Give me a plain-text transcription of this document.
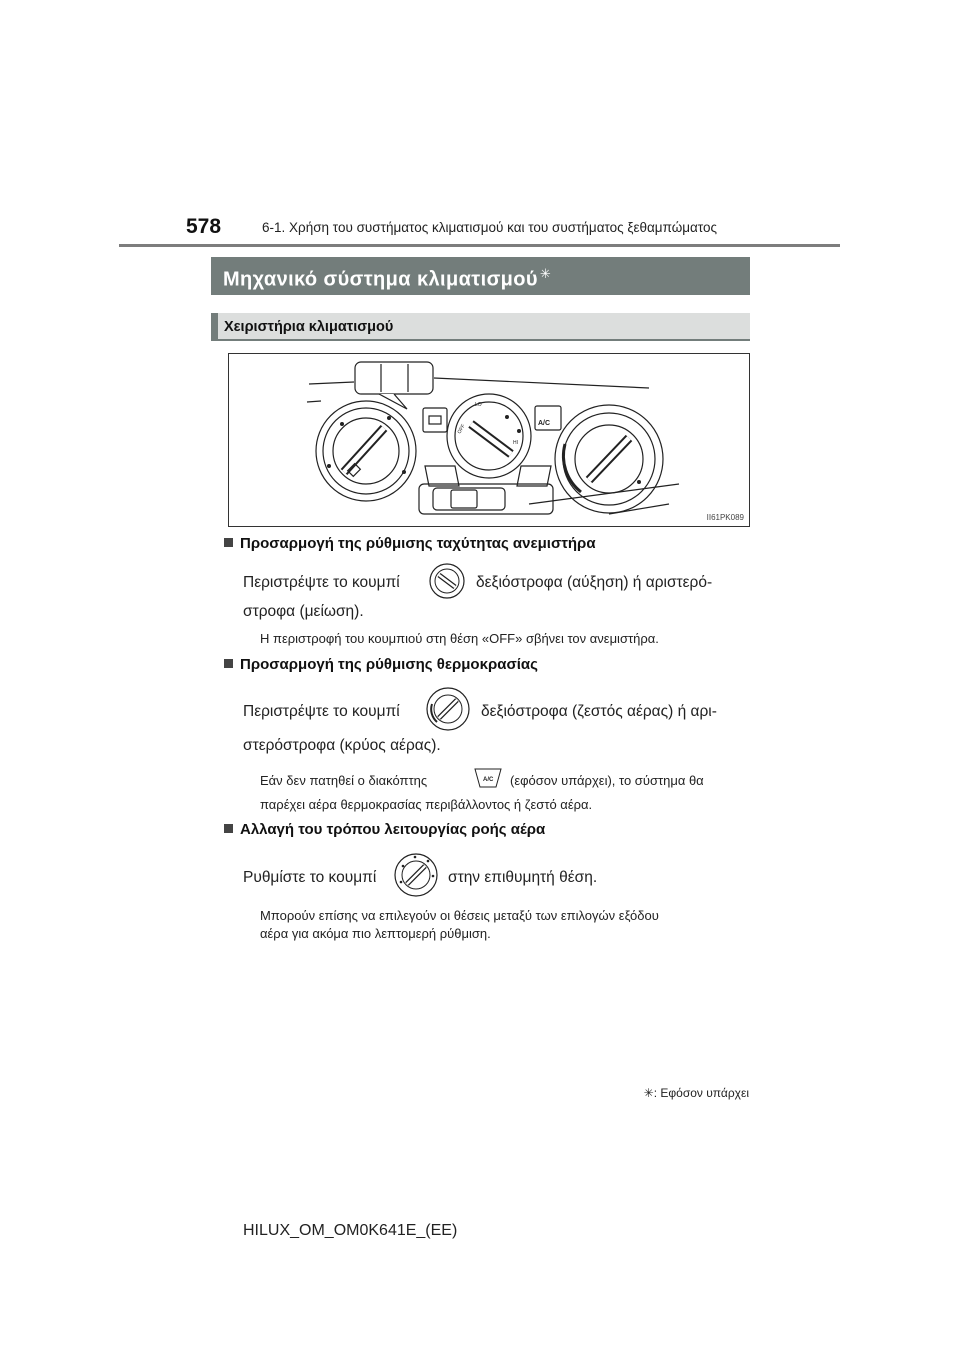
578	6-1. Χρήση του συστήματος κλιματισμού και του συστήματος ξεθαμπώματος
Μηχανικό σύστημα κλιματισμού ✳
Χειριστήρια κλιματισμού
A/C
OFF
LO
HI
II61PK089
Προσαρμογή της ρύθμισης ταχύτητας ανεμιστήρα
Περιστρέψτε το κουμπί	δεξιόστροφα (αύξηση) ή αριστερό-
στροφα (μείωση).
Η περιστροφή του κουμπιού στη θέση «OFF» σβήνει τον ανεμιστήρα.
Προσαρμογή της ρύθμισης θερμοκρασίας
Περιστρέψτε το κουμπί	δεξιόστροφα (ζεστός αέρας) ή αρι-
στερόστροφα (κρύος αέρας).
Εάν δεν πατηθεί ο διακόπτης	A/C (εφόσον υπάρχει), το σύστημα θα
παρέχει αέρα θερμοκρασίας περιβάλλοντος ή ζεστό αέρα.
Αλλαγή του τρόπου λειτουργίας ροής αέρα
Ρυθμίστε το κουμπί	στην επιθυμητή θέση.
Μπορούν επίσης να επιλεγούν οι θέσεις μεταξύ των επιλογών εξόδου
αέρα για ακόμα πιο λεπτομερή ρύθμιση.
✳: Εφόσον υπάρχει
HILUX_OM_OM0K641E_(EE)
